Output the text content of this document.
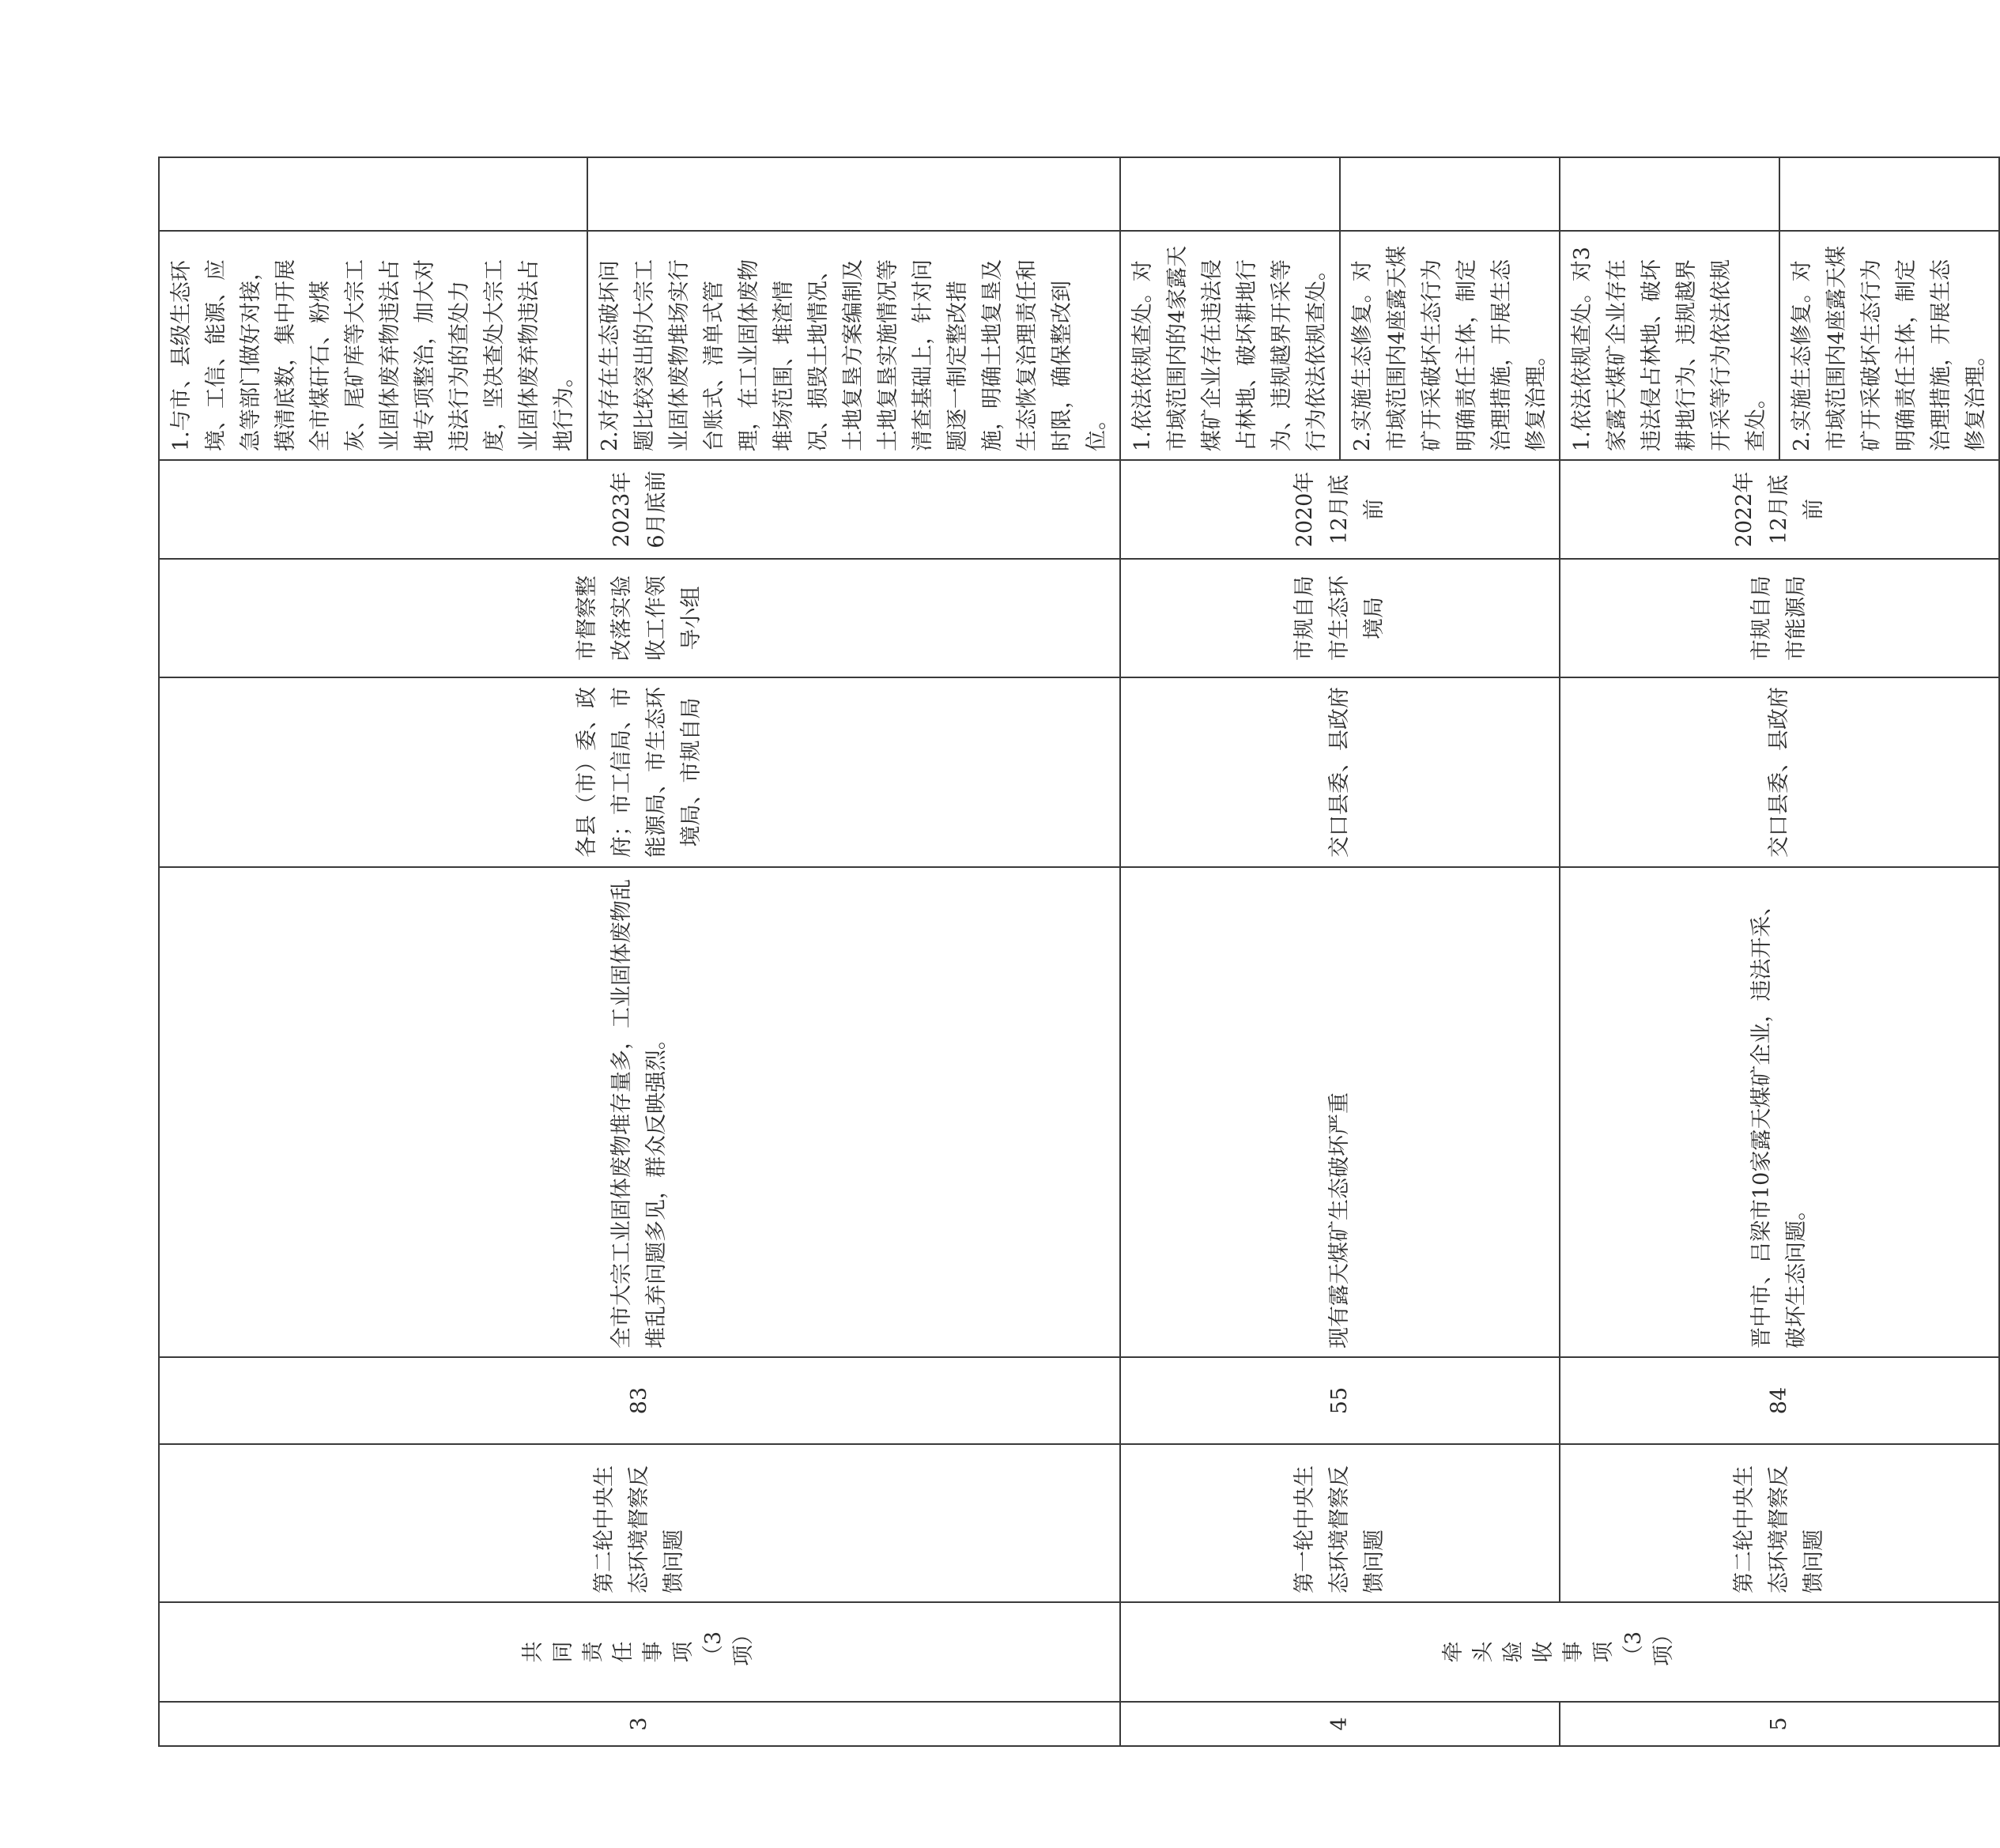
3	共同责任事项（3项）	第二轮中央生态环境督察反馈问题	83	全市大宗工业固体废物堆存量多，工业固体废物乱堆乱弃问题多见，群众反映强烈。	各县（市）委、政府；市工信局、市能源局、市生态环境局、市规自局	市督察整改落实验收工作领导小组	2023年6月底前	1.与市、县级生态环境、工信、能源、应急等部门做好对接，摸清底数，集中开展全市煤矸石、粉煤灰、尾矿库等大宗工业固体废弃物违法占地专项整治，加大对违法行为的查处力度，坚决查处大宗工业固体废弃物违法占地行为。	

								2.对存在生态破坏问题比较突出的大宗工业固体废物堆场实行台账式、清单式管理，在工业固体废物堆场范围、堆渣情况、损毁土地情况、土地复垦方案编制及土地复垦实施情况等清查基础上，针对问题逐一制定整改措施，明确土地复垦及生态恢复治理责任和时限，确保整改到位。	

4	牵头验收事项（3项）	第一轮中央生态环境督察反馈问题	55	现有露天煤矿生态破坏严重	交口县委、县政府	市规自局市生态环境局	2020年12月底前	1.依法依规查处。对市域范围内的4家露天煤矿企业存在违法侵占林地、破坏耕地行为、违规越界开采等行为依法依规查处。	

								2.实施生态修复。对市域范围内4座露天煤矿开采破坏生态行为明确责任主体，制定治理措施，开展生态修复治理。	

5		第二轮中央生态环境督察反馈问题	84	晋中市、吕梁市10家露天煤矿企业，违法开采、破坏生态问题。	交口县委、县政府	市规自局市能源局	2022年12月底前	1.依法依规查处。对3家露天煤矿企业存在违法侵占林地、破坏耕地行为、违规越界开采等行为依法依规查处。	

								2.实施生态修复。对市域范围内4座露天煤矿开采破坏生态行为明确责任主体，制定治理措施，开展生态修复治理。	
